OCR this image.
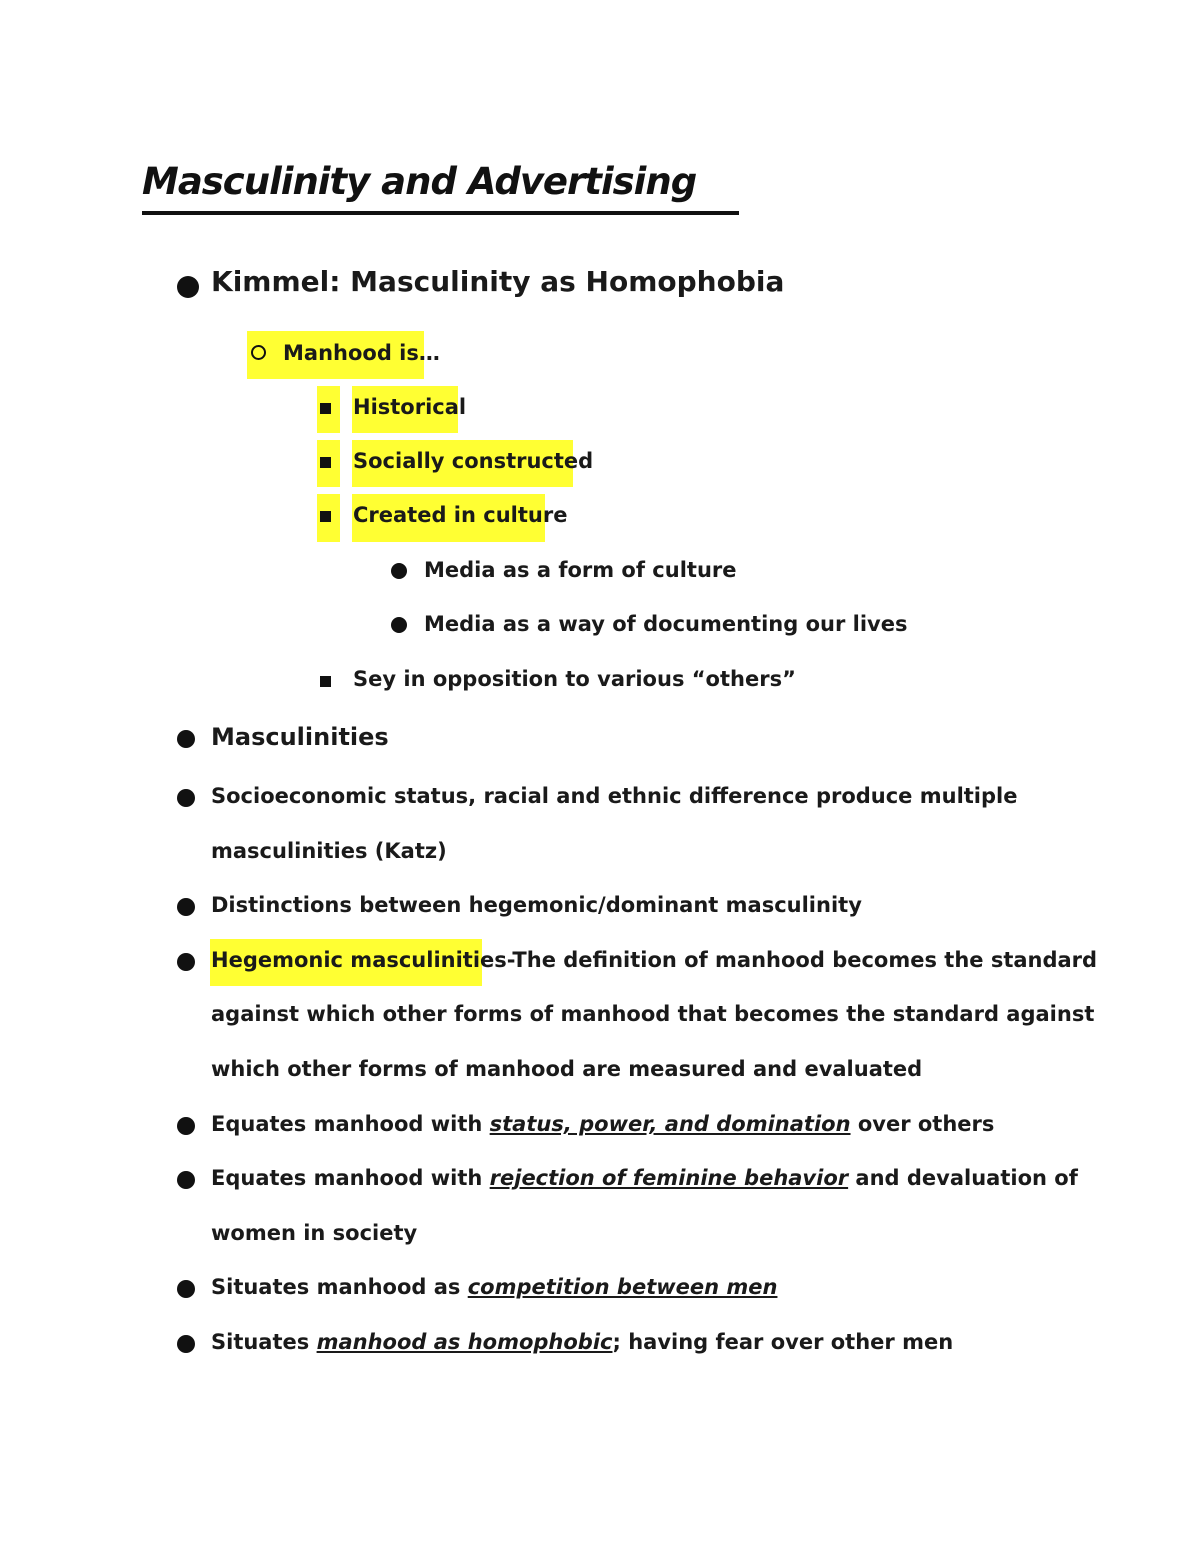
Masculinity and Advertising
Kimmel: Masculinity as Homophobia
Manhood is…
Historical
Socially constructed
Created in culture
Media as a form of culture
Media as a way of documenting our lives
Sey in opposition to various “others”
Masculinities
Socioeconomic status, racial and ethnic difference produce multiple
masculinities (Katz)
Distinctions between hegemonic/dominant masculinity
Hegemonic masculinities-The definition of manhood becomes the standard
against which other forms of manhood that becomes the standard against
which other forms of manhood are measured and evaluated
Equates manhood with status, power, and domination over others
Equates manhood with rejection of feminine behavior and devaluation of
women in society
Situates manhood as competition between men
Situates manhood as homophobic; having fear over other men
